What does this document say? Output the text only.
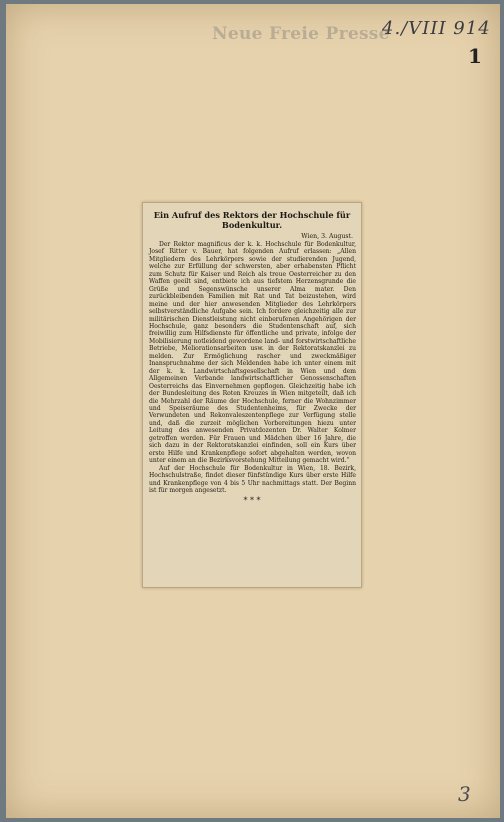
Neue Freie Presse
4./VIII 914
1
Ein Aufruf des Rektors der Hochschule für Bodenkultur.
Wien, 3. August.

Der Rektor magnificus der k. k. Hochschule für Bodenkultur, Josef Ritter v. Bauer, hat folgenden Aufruf erlassen: „Allen Mitgliedern des Lehrkörpers sowie der studierenden Jugend, welche zur Erfüllung der schwersten, aber erhabensten Pflicht zum Schutz für Kaiser und Reich als treue Oesterreicher zu den Waffen geeilt sind, entbiete ich aus tiefstem Herzensgrunde die Grüße und Segenswünsche unserer Alma mater. Den zurückbleibenden Familien mit Rat und Tat beizustehen, wird meine und der hier anwesenden Mitglieder des Lehrkörpers selbstverständliche Aufgabe sein. Ich fordere gleichzeitig alle zur militärischen Dienstleistung nicht einberufenen Angehörigen der Hochschule, ganz besonders die Studentenschaft auf, sich freiwillig zum Hilfsdienste für öffentliche und private, infolge der Mobilisierung notleidend gewordene land- und forstwirtschaftliche Betriebe, Meliorationsarbeiten usw. in der Rektoratskanzlei zu melden. Zur Ermöglichung rascher und zweckmäßiger Inanspruchnahme der sich Meldenden habe ich unter einem mit der k. k. Landwirtschaftsgesellschaft in Wien und dem Allgemeinen Verbande landwirtschaftlicher Genossenschaften Oesterreichs das Einvernehmen gepflogen. Gleichzeitig habe ich der Bundesleitung des Roten Kreuzes in Wien mitgeteilt, daß ich die Mehrzahl der Räume der Hochschule, ferner die Wohnzimmer und Speiseräume des Studentenheims, für Zwecke der Verwundeten und Rekonvaleszentenpflege zur Verfügung stelle und, daß die zurzeit möglichen Vorbereitungen hiezu unter Leitung des anwesenden Privatdozenten Dr. Walter Kolmer getroffen werden. Für Frauen und Mädchen über 16 Jahre, die sich dazu in der Rektoratskanzlei einfinden, soll ein Kurs über erste Hilfe und Krankenpflege sofort abgehalten werden, wovon unter einem an die Bezirksvorstehung Mitteilung gemacht wird.“

Auf der Hochschule für Bodenkultur in Wien, 18. Bezirk, Hochschulstraße, findet dieser fünfstündige Kurs über erste Hilfe und Krankenpflege von 4 bis 5 Uhr nachmittags statt. Der Beginn ist für morgen angesetzt.

* * *
3
